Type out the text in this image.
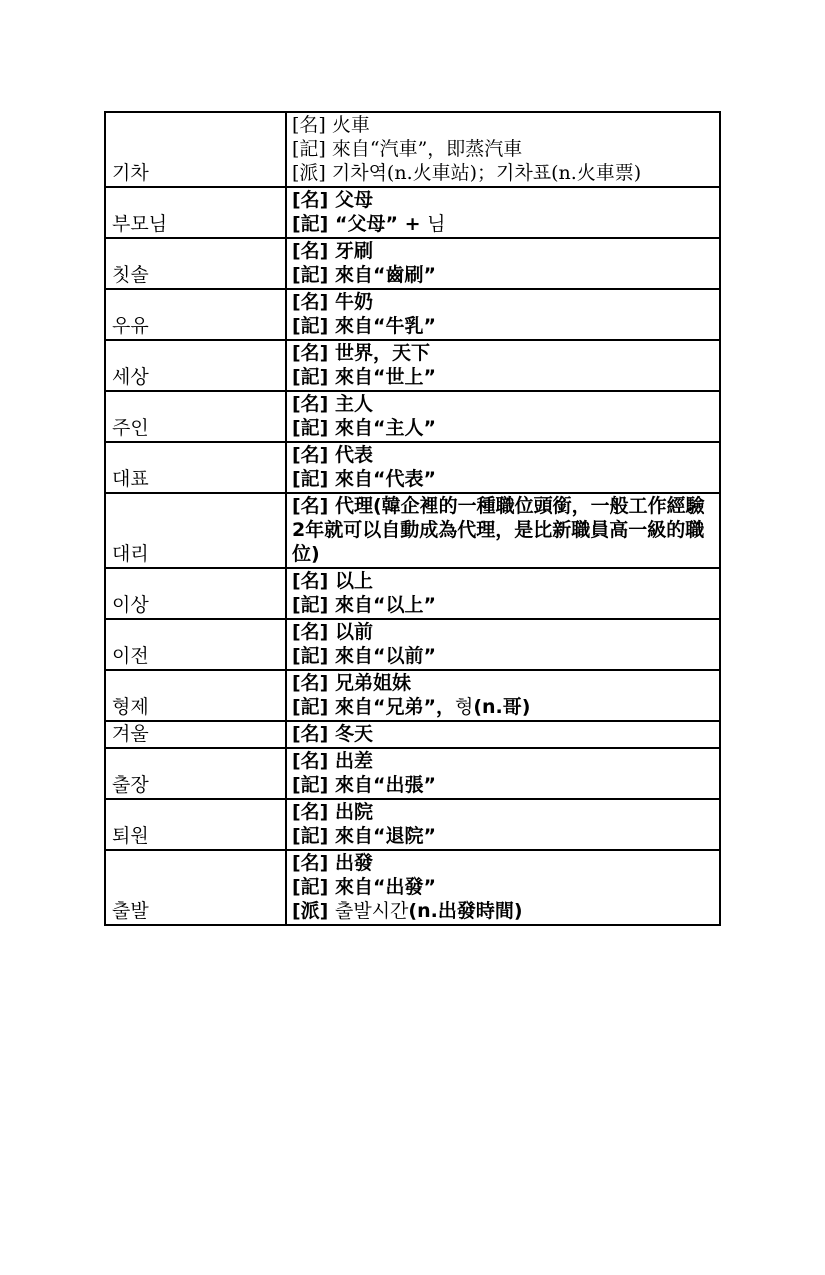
기차	[名] 火車
[記] 來自“汽車”，即蒸汽車
[派] 기차역(n.火車站)；기차표(n.火車票)

부모님	[名] 父母
[記] “父母” + 님

칫솔	[名] 牙刷
[記] 來自“齒刷”

우유	[名] 牛奶
[記] 來自“牛乳”

세상	[名] 世界，天下
[記] 來自“世上”

주인	[名] 主人
[記] 來自“主人”

대표	[名] 代表
[記] 來自“代表”

대리	[名] 代理(韓企裡的一種職位頭銜，一般工作經驗2年就可以自動成為代理，是比新職員高一級的職位)

이상	[名] 以上
[記] 來自“以上”

이전	[名] 以前
[記] 來自“以前”

형제	[名] 兄弟姐妹
[記] 來自“兄弟”，형(n.哥)

겨울	[名] 冬天

출장	[名] 出差
[記] 來自“出張”

퇴원	[名] 出院
[記] 來自“退院”

출발	[名] 出發
[記] 來自“出發”
[派] 출발시간(n.出發時間)
